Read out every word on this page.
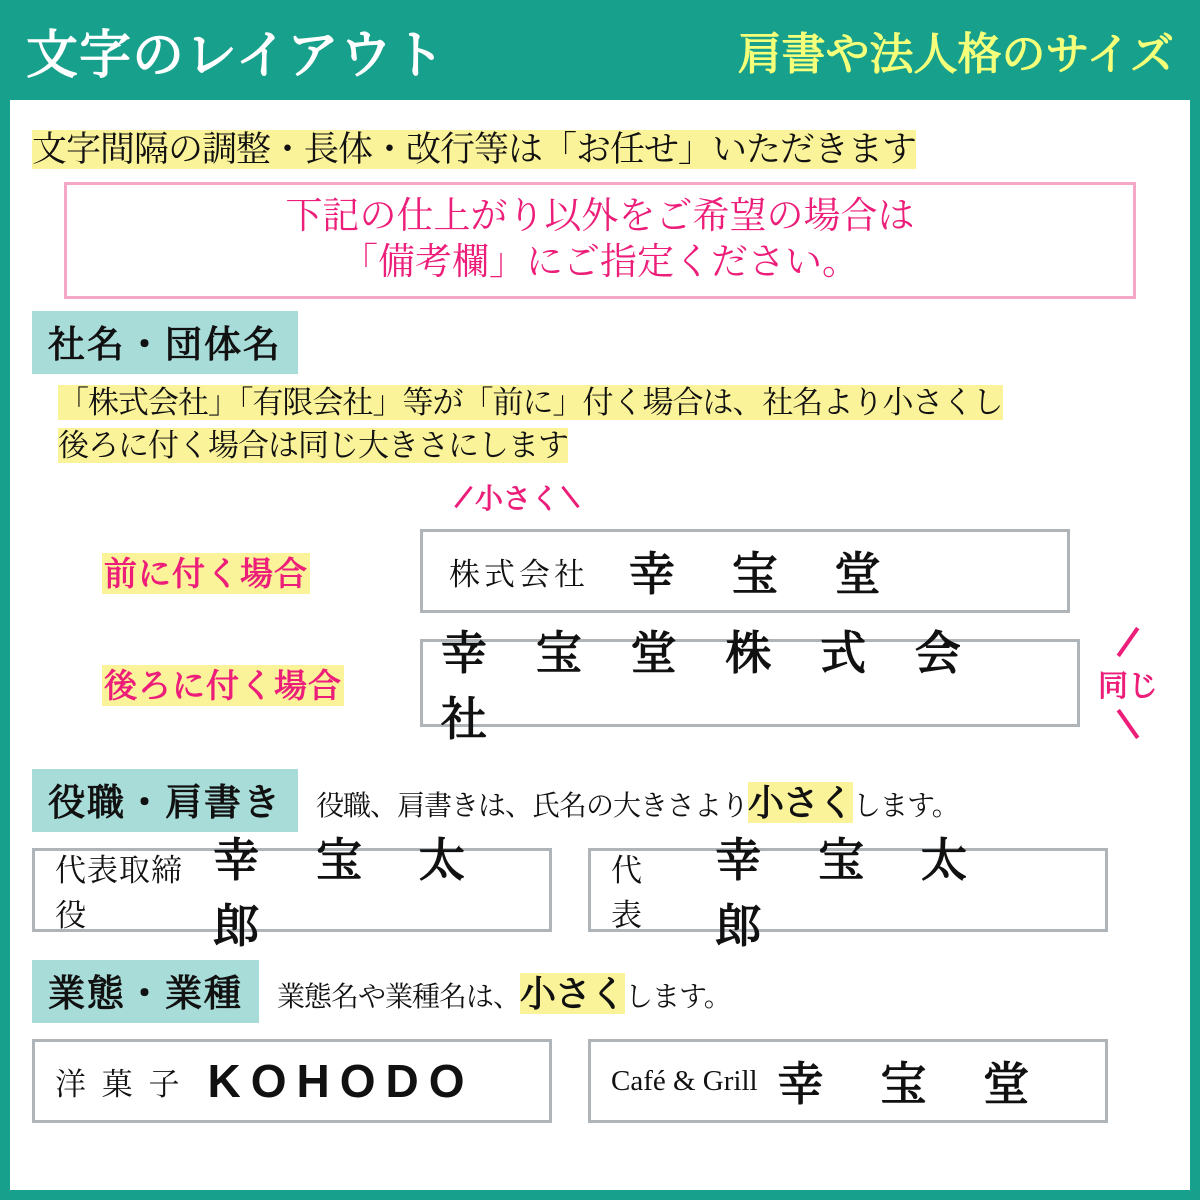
文字のレイアウト	肩書や法人格のサイズ
文字間隔の調整・長体・改行等は「お任せ」いただきます
下記の仕上がり以外をご希望の場合は
「備考欄」にご指定ください。
社名・団体名
「株式会社」「有限会社」等が「前に」付く場合は、社名より小さくし
後ろに付く場合は同じ大きさにします
小さく
前に付く場合	株式会社 幸 宝 堂
後ろに付く場合
幸 宝 堂 株 式 会 社
同じ
役職・肩書き	役職、肩書きは、氏名の大きさより小さくします。
代表取締役
幸 宝 太 郎
代 表
幸 宝 太 郎
業態・業種	業態名や業種名は、小さくします。
洋 菓 子 KOHODO	Café & Grill 幸 宝 堂
